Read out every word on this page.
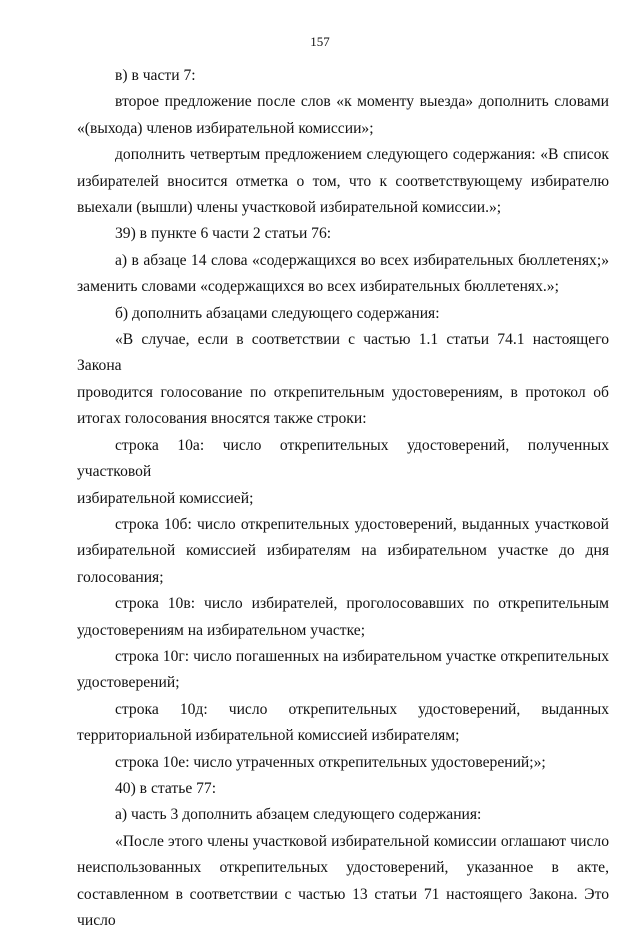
157
в) в части 7:
второе предложение после слов «к моменту выезда» дополнить словами
«(выхода) членов избирательной комиссии»;
дополнить четвертым предложением следующего содержания: «В список
избирателей вносится отметка о том, что к соответствующему избирателю
выехали (вышли) члены участковой избирательной комиссии.»;
39) в пункте 6 части 2 статьи 76:
а) в абзаце 14 слова «содержащихся во всех избирательных бюллетенях;»
заменить словами «содержащихся во всех избирательных бюллетенях.»;
б) дополнить абзацами следующего содержания:
«В случае, если в соответствии с частью 1.1 статьи 74.1 настоящего Закона
проводится голосование по открепительным удостоверениям, в протокол об
итогах голосования вносятся также строки:
строка 10а: число открепительных удостоверений, полученных участковой
избирательной комиссией;
строка 10б: число открепительных удостоверений, выданных участковой
избирательной комиссией избирателям на избирательном участке до дня
голосования;
строка 10в: число избирателей, проголосовавших по открепительным
удостоверениям на избирательном участке;
строка 10г: число погашенных на избирательном участке открепительных
удостоверений;
строка 10д: число открепительных удостоверений, выданных
территориальной избирательной комиссией избирателям;
строка 10е: число утраченных открепительных удостоверений;»;
40) в статье 77:
а) часть 3 дополнить абзацем следующего содержания:
«После этого члены участковой избирательной комиссии оглашают число
неиспользованных открепительных удостоверений, указанное в акте,
составленном в соответствии с частью 13 статьи 71 настоящего Закона. Это число
